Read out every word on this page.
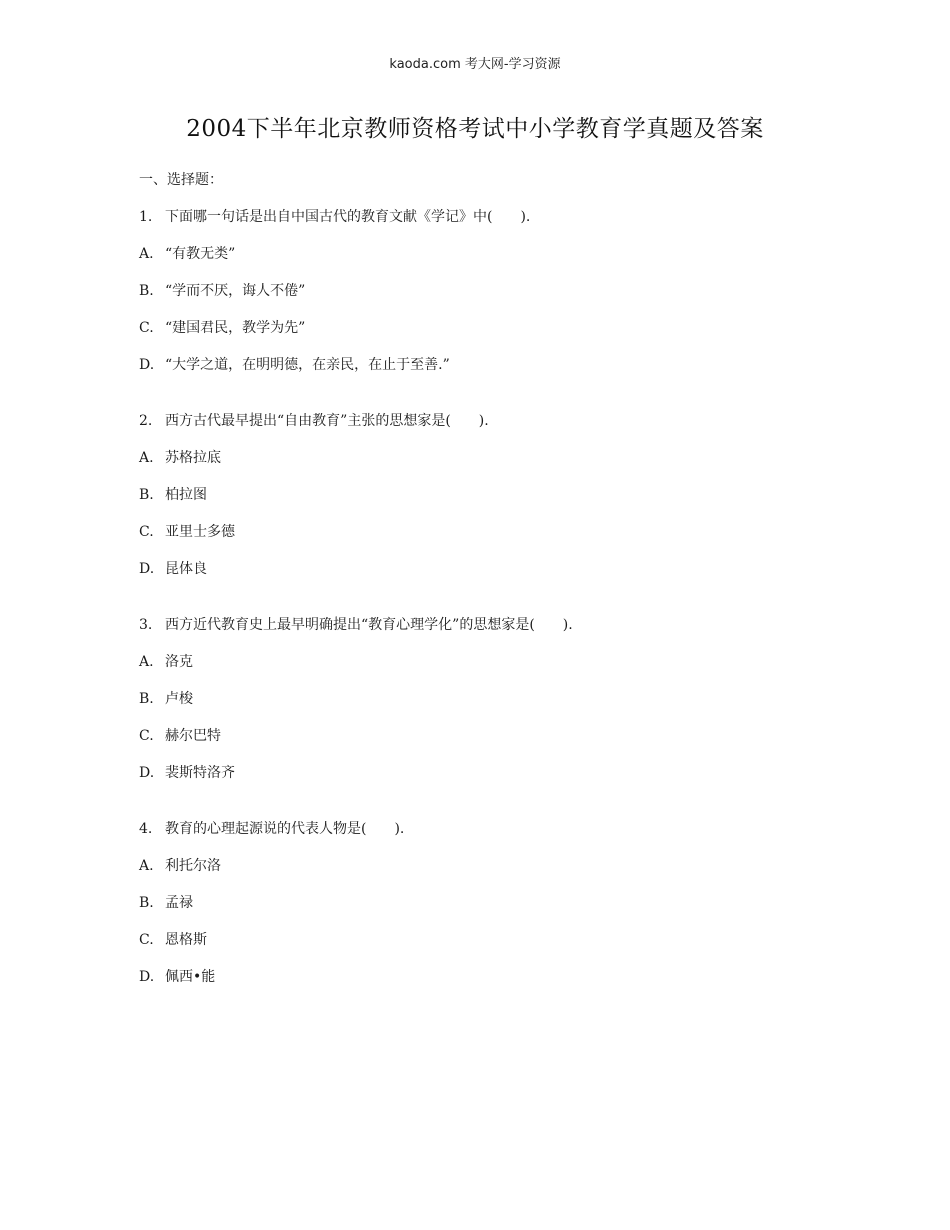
kaoda.com 考大网-学习资源
2004下半年北京教师资格考试中小学教育学真题及答案
一、选择题：
1. 下面哪一句话是出自中国古代的教育文献《学记》中(　　).
A. “有教无类”
B. “学而不厌，诲人不倦”
C. “建国君民，教学为先”
D. “大学之道，在明明德，在亲民，在止于至善.”
2. 西方古代最早提出“自由教育”主张的思想家是(　　).
A. 苏格拉底
B. 柏拉图
C. 亚里士多德
D. 昆体良
3. 西方近代教育史上最早明确提出“教育心理学化”的思想家是(　　).
A. 洛克
B. 卢梭
C. 赫尔巴特
D. 裴斯特洛齐
4. 教育的心理起源说的代表人物是(　　).
A. 利托尔洛
B. 孟禄
C. 恩格斯
D. 佩西•能
